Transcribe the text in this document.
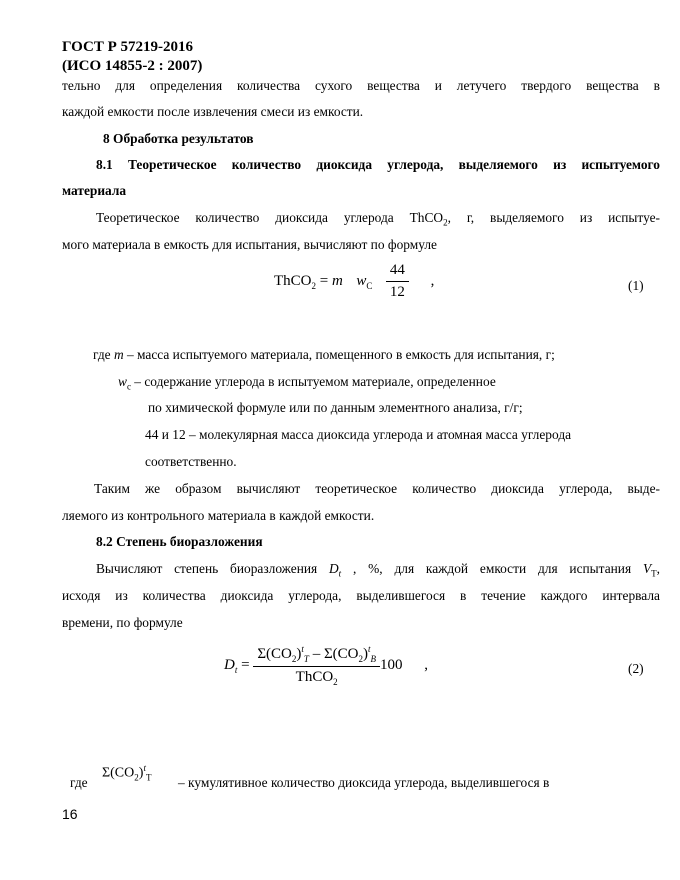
ГОСТ Р 57219-2016
(ИСО 14855-2 : 2007)
тельно для определения количества сухого вещества и летучего твердого вещества в
каждой емкости после извлечения смеси из емкости.
8 Обработка результатов
8.1 Теоретическое количество диоксида углерода, выделяемого из испытуемого
материала
Теоретическое количество диоксида углерода ThCO$_2$, г, выделяемого из испытуе-
мого материала в емкость для испытания, вычисляют по формуле
ThCO$_2$ = m $w_C \frac{44}{12}$ ,	(1)
где m – масса испытуемого материала, помещенного в емкость для испытания, г;
$w_c$ – содержание углерода в испытуемом материале, определенное
по химической формуле или по данным элементного анализа, г/г;
44 и 12 – молекулярная масса диоксида углерода и атомная масса углерода
соответственно.
Таким же образом вычисляют теоретическое количество диоксида углерода, выде-
ляемого из контрольного материала в каждой емкости.
8.2 Степень биоразложения
Вычисляют степень биоразложения $D_t$ , %, для каждой емкости для испытания $V_T$,
исходя из количества диоксида углерода, выделившегося в течение каждого интервала
времени, по формуле
$D_t = \frac{\Sigma(CO_2)^t_T - \Sigma(CO_2)^t_B}{ThCO_2} 100$ ,	(2)
где
$\Sigma(CO_2)^t_T$ – кумулятивное количество диоксида углерода, выделившегося в
16
